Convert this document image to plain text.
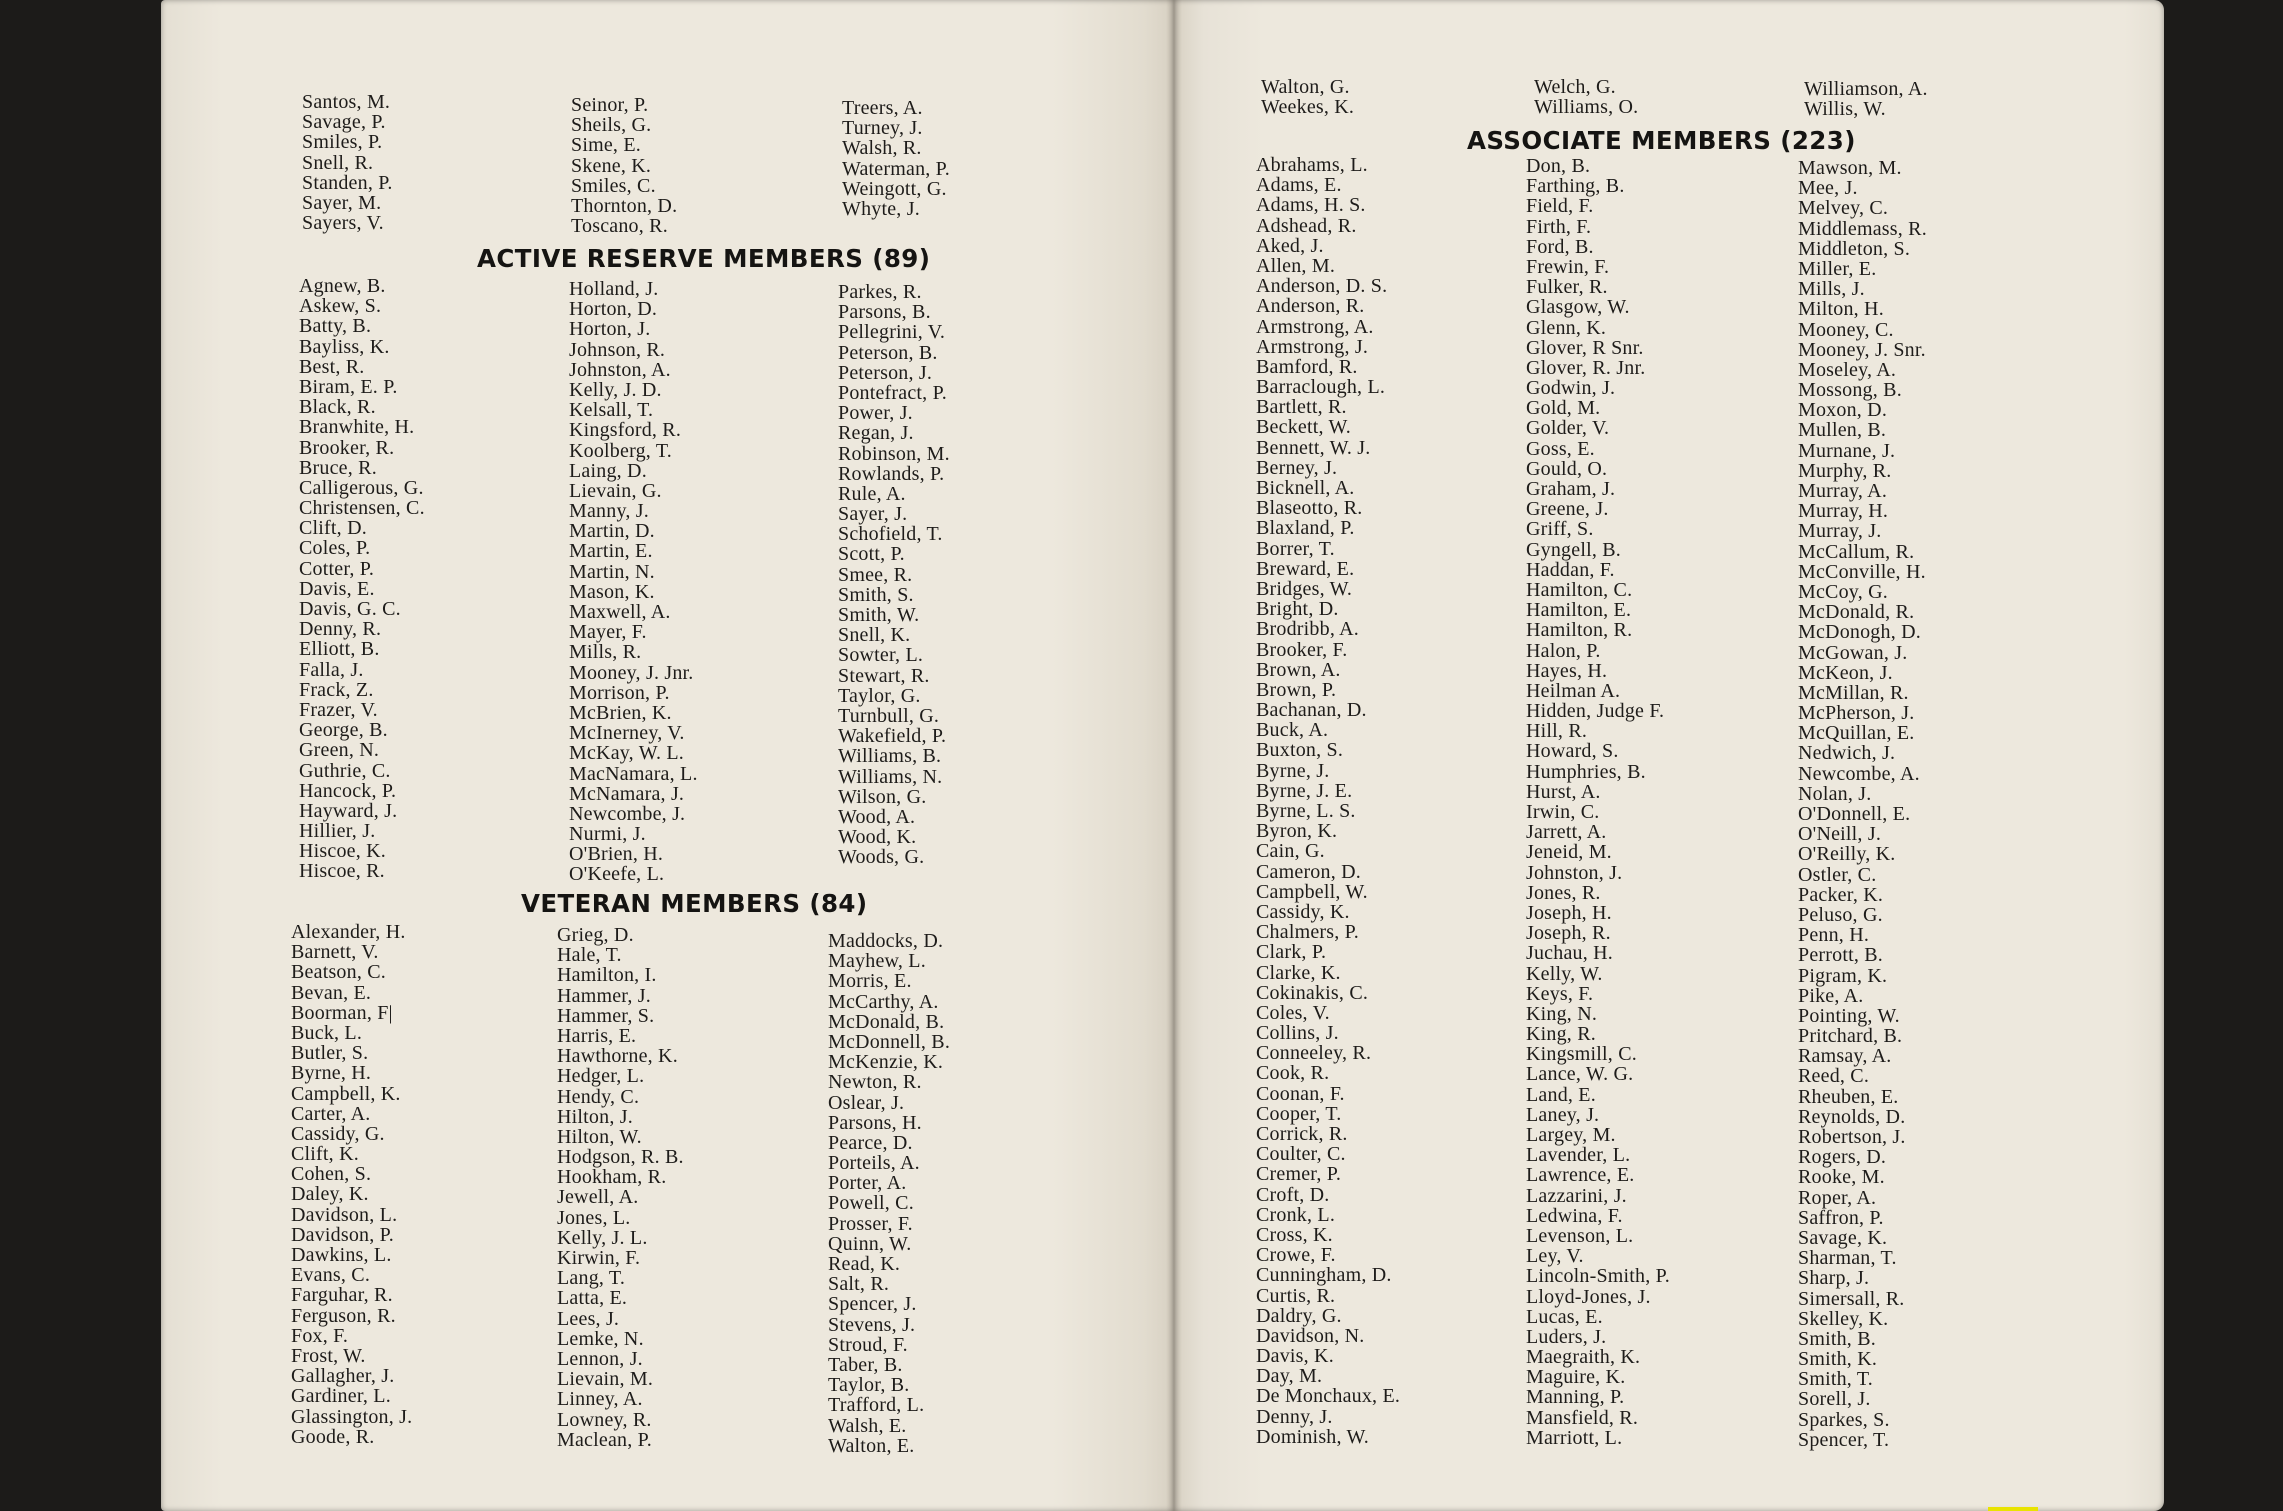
Santos, M.
Savage, P.
Smiles, P.
Snell, R.
Standen, P.
Sayer, M.
Sayers, V.
Seinor, P.
Sheils, G.
Sime, E.
Skene, K.
Smiles, C.
Thornton, D.
Toscano, R.
Treers, A.
Turney, J.
Walsh, R.
Waterman, P.
Weingott, G.
Whyte, J.
ACTIVE RESERVE MEMBERS (89)
Agnew, B.
Askew, S.
Batty, B.
Bayliss, K.
Best, R.
Biram, E. P.
Black, R.
Branwhite, H.
Brooker, R.
Bruce, R.
Calligerous, G.
Christensen, C.
Clift, D.
Coles, P.
Cotter, P.
Davis, E.
Davis, G. C.
Denny, R.
Elliott, B.
Falla, J.
Frack, Z.
Frazer, V.
George, B.
Green, N.
Guthrie, C.
Hancock, P.
Hayward, J.
Hillier, J.
Hiscoe, K.
Hiscoe, R.
Holland, J.
Horton, D.
Horton, J.
Johnson, R.
Johnston, A.
Kelly, J. D.
Kelsall, T.
Kingsford, R.
Koolberg, T.
Laing, D.
Lievain, G.
Manny, J.
Martin, D.
Martin, E.
Martin, N.
Mason, K.
Maxwell, A.
Mayer, F.
Mills, R.
Mooney, J. Jnr.
Morrison, P.
McBrien, K.
McInerney, V.
McKay, W. L.
MacNamara, L.
McNamara, J.
Newcombe, J.
Nurmi, J.
O'Brien, H.
O'Keefe, L.
Parkes, R.
Parsons, B.
Pellegrini, V.
Peterson, B.
Peterson, J.
Pontefract, P.
Power, J.
Regan, J.
Robinson, M.
Rowlands, P.
Rule, A.
Sayer, J.
Schofield, T.
Scott, P.
Smee, R.
Smith, S.
Smith, W.
Snell, K.
Sowter, L.
Stewart, R.
Taylor, G.
Turnbull, G.
Wakefield, P.
Williams, B.
Williams, N.
Wilson, G.
Wood, A.
Wood, K.
Woods, G.
VETERAN MEMBERS (84)
Alexander, H.
Barnett, V.
Beatson, C.
Bevan, E.
Boorman, F|
Buck, L.
Butler, S.
Byrne, H.
Campbell, K.
Carter, A.
Cassidy, G.
Clift, K.
Cohen, S.
Daley, K.
Davidson, L.
Davidson, P.
Dawkins, L.
Evans, C.
Farguhar, R.
Ferguson, R.
Fox, F.
Frost, W.
Gallagher, J.
Gardiner, L.
Glassington, J.
Goode, R.
Grieg, D.
Hale, T.
Hamilton, I.
Hammer, J.
Hammer, S.
Harris, E.
Hawthorne, K.
Hedger, L.
Hendy, C.
Hilton, J.
Hilton, W.
Hodgson, R. B.
Hookham, R.
Jewell, A.
Jones, L.
Kelly, J. L.
Kirwin, F.
Lang, T.
Latta, E.
Lees, J.
Lemke, N.
Lennon, J.
Lievain, M.
Linney, A.
Lowney, R.
Maclean, P.
Maddocks, D.
Mayhew, L.
Morris, E.
McCarthy, A.
McDonald, B.
McDonnell, B.
McKenzie, K.
Newton, R.
Oslear, J.
Parsons, H.
Pearce, D.
Porteils, A.
Porter, A.
Powell, C.
Prosser, F.
Quinn, W.
Read, K.
Salt, R.
Spencer, J.
Stevens, J.
Stroud, F.
Taber, B.
Taylor, B.
Trafford, L.
Walsh, E.
Walton, E.
Walton, G.
Weekes, K.
Welch, G.
Williams, O.
Williamson, A.
Willis, W.
ASSOCIATE MEMBERS (223)
Abrahams, L.
Adams, E.
Adams, H. S.
Adshead, R.
Aked, J.
Allen, M.
Anderson, D. S.
Anderson, R.
Armstrong, A.
Armstrong, J.
Bamford, R.
Barraclough, L.
Bartlett, R.
Beckett, W.
Bennett, W. J.
Berney, J.
Bicknell, A.
Blaseotto, R.
Blaxland, P.
Borrer, T.
Breward, E.
Bridges, W.
Bright, D.
Brodribb, A.
Brooker, F.
Brown, A.
Brown, P.
Bachanan, D.
Buck, A.
Buxton, S.
Byrne, J.
Byrne, J. E.
Byrne, L. S.
Byron, K.
Cain, G.
Cameron, D.
Campbell, W.
Cassidy, K.
Chalmers, P.
Clark, P.
Clarke, K.
Cokinakis, C.
Coles, V.
Collins, J.
Conneeley, R.
Cook, R.
Coonan, F.
Cooper, T.
Corrick, R.
Coulter, C.
Cremer, P.
Croft, D.
Cronk, L.
Cross, K.
Crowe, F.
Cunningham, D.
Curtis, R.
Daldry, G.
Davidson, N.
Davis, K.
Day, M.
De Monchaux, E.
Denny, J.
Dominish, W.
Don, B.
Farthing, B.
Field, F.
Firth, F.
Ford, B.
Frewin, F.
Fulker, R.
Glasgow, W.
Glenn, K.
Glover, R Snr.
Glover, R. Jnr.
Godwin, J.
Gold, M.
Golder, V.
Goss, E.
Gould, O.
Graham, J.
Greene, J.
Griff, S.
Gyngell, B.
Haddan, F.
Hamilton, C.
Hamilton, E.
Hamilton, R.
Halon, P.
Hayes, H.
Heilman A.
Hidden, Judge F.
Hill, R.
Howard, S.
Humphries, B.
Hurst, A.
Irwin, C.
Jarrett, A.
Jeneid, M.
Johnston, J.
Jones, R.
Joseph, H.
Joseph, R.
Juchau, H.
Kelly, W.
Keys, F.
King, N.
King, R.
Kingsmill, C.
Lance, W. G.
Land, E.
Laney, J.
Largey, M.
Lavender, L.
Lawrence, E.
Lazzarini, J.
Ledwina, F.
Levenson, L.
Ley, V.
Lincoln-Smith, P.
Lloyd-Jones, J.
Lucas, E.
Luders, J.
Maegraith, K.
Maguire, K.
Manning, P.
Mansfield, R.
Marriott, L.
Mawson, M.
Mee, J.
Melvey, C.
Middlemass, R.
Middleton, S.
Miller, E.
Mills, J.
Milton, H.
Mooney, C.
Mooney, J. Snr.
Moseley, A.
Mossong, B.
Moxon, D.
Mullen, B.
Murnane, J.
Murphy, R.
Murray, A.
Murray, H.
Murray, J.
McCallum, R.
McConville, H.
McCoy, G.
McDonald, R.
McDonogh, D.
McGowan, J.
McKeon, J.
McMillan, R.
McPherson, J.
McQuillan, E.
Nedwich, J.
Newcombe, A.
Nolan, J.
O'Donnell, E.
O'Neill, J.
O'Reilly, K.
Ostler, C.
Packer, K.
Peluso, G.
Penn, H.
Perrott, B.
Pigram, K.
Pike, A.
Pointing, W.
Pritchard, B.
Ramsay, A.
Reed, C.
Rheuben, E.
Reynolds, D.
Robertson, J.
Rogers, D.
Rooke, M.
Roper, A.
Saffron, P.
Savage, K.
Sharman, T.
Sharp, J.
Simersall, R.
Skelley, K.
Smith, B.
Smith, K.
Smith, T.
Sorell, J.
Sparkes, S.
Spencer, T.
